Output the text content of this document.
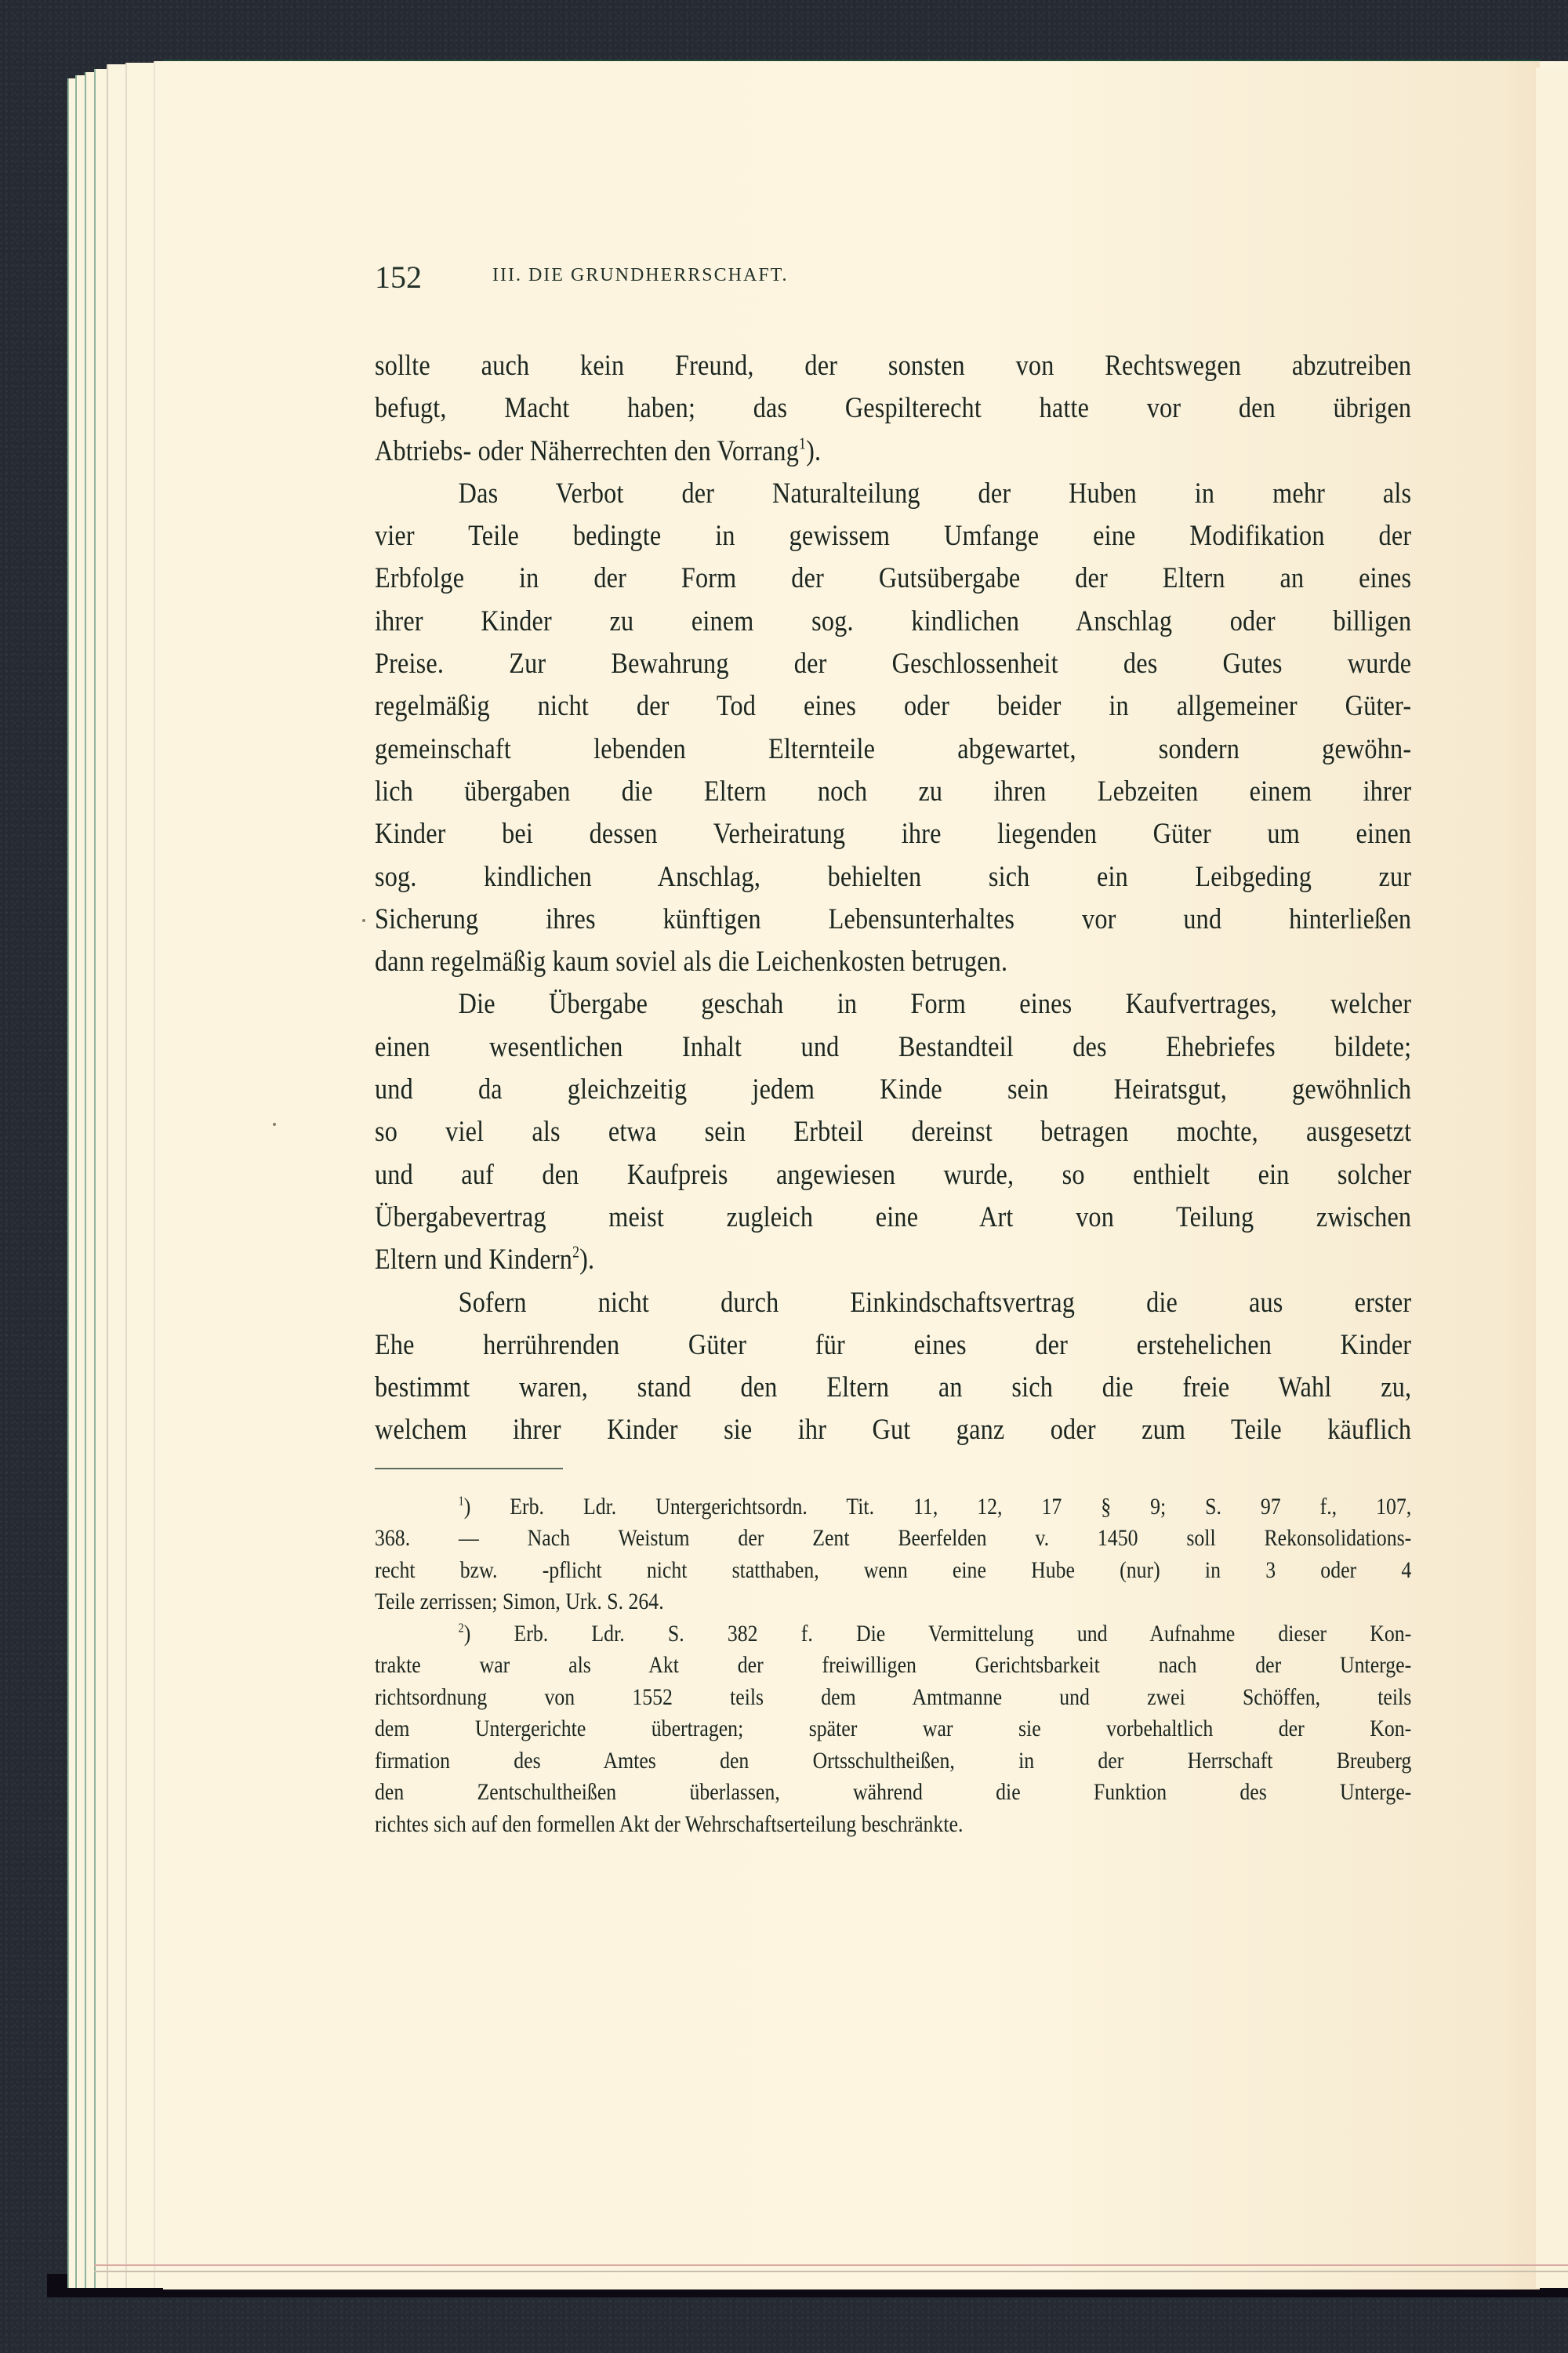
152	III. DIE GRUNDHERRSCHAFT.
sollte auch kein Freund, der sonsten von Rechtswegen abzutreiben
befugt, Macht haben; das Gespilterecht hatte vor den übrigen
Abtriebs- oder Näherrechten den Vorrang$^1$).
Das Verbot der Naturalteilung der Huben in mehr als
vier Teile bedingte in gewissem Umfange eine Modifikation der
Erbfolge in der Form der Gutsübergabe der Eltern an eines
ihrer Kinder zu einem sog. kindlichen Anschlag oder billigen
Preise. Zur Bewahrung der Geschlossenheit des Gutes wurde
regelmäßig nicht der Tod eines oder beider in allgemeiner Güter-
gemeinschaft lebenden Elternteile abgewartet, sondern gewöhn-
lich übergaben die Eltern noch zu ihren Lebzeiten einem ihrer
Kinder bei dessen Verheiratung ihre liegenden Güter um einen
sog. kindlichen Anschlag, behielten sich ein Leibgeding zur
Sicherung ihres künftigen Lebensunterhaltes vor und hinterließen
dann regelmäßig kaum soviel als die Leichenkosten betrugen.
Die Übergabe geschah in Form eines Kaufvertrages, welcher
einen wesentlichen Inhalt und Bestandteil des Ehebriefes bildete;
und da gleichzeitig jedem Kinde sein Heiratsgut, gewöhnlich
so viel als etwa sein Erbteil dereinst betragen mochte, ausgesetzt
und auf den Kaufpreis angewiesen wurde, so enthielt ein solcher
Übergabevertrag meist zugleich eine Art von Teilung zwischen
Eltern und Kindern$^2$).
Sofern nicht durch Einkindschaftsvertrag die aus erster
Ehe herrührenden Güter für eines der erstehelichen Kinder
bestimmt waren, stand den Eltern an sich die freie Wahl zu,
welchem ihrer Kinder sie ihr Gut ganz oder zum Teile käuflich
$^1$) Erb. Ldr. Untergerichtsordn. Tit. 11, 12, 17 § 9; S. 97 f., 107,
368. — Nach Weistum der Zent Beerfelden v. 1450 soll Rekonsolidations-
recht bzw. -pflicht nicht statthaben, wenn eine Hube (nur) in 3 oder 4
Teile zerrissen; Simon, Urk. S. 264.
$^2$) Erb. Ldr. S. 382 f. Die Vermittelung und Aufnahme dieser Kon-
trakte war als Akt der freiwilligen Gerichtsbarkeit nach der Unterge-
richtsordnung von 1552 teils dem Amtmanne und zwei Schöffen, teils
dem Untergerichte übertragen; später war sie vorbehaltlich der Kon-
firmation des Amtes den Ortsschultheißen, in der Herrschaft Breuberg
den Zentschultheißen überlassen, während die Funktion des Unterge-
richtes sich auf den formellen Akt der Wehrschaftserteilung beschränkte.
